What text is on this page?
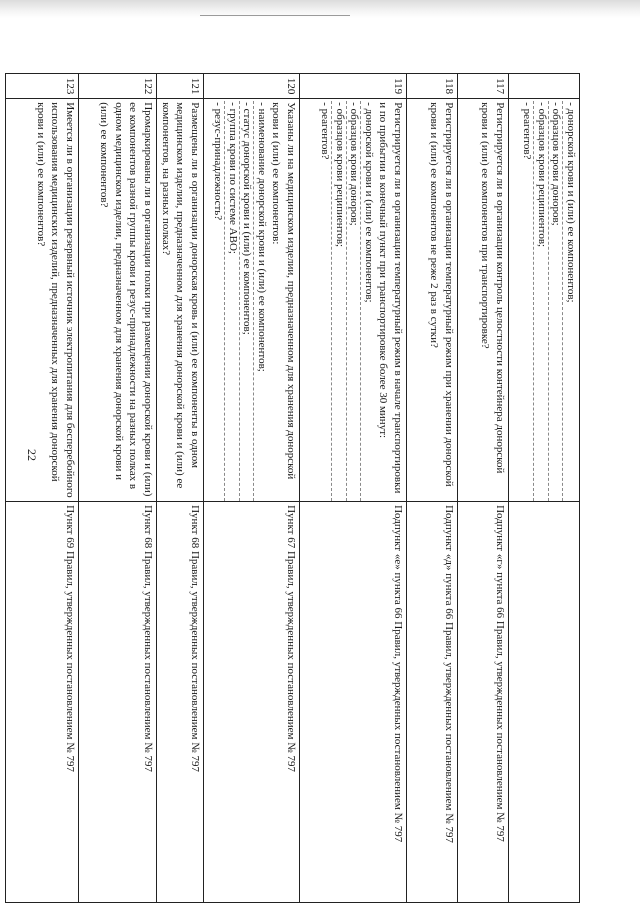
22

	- донорской крови и (или) ее компонентов;
- образцов крови доноров;
- образцов крови реципиентов;
- реагентов?	

117	Регистрируется ли в организации контроль целостности контейнера донорской крови и (или) ее компонентов при транспортировке?	Подпункт «г» пункта 66 Правил, утвержденных постановлением № 797
118	Регистрируется ли в организации температурный режим при хранении донорской крови и (или) ее компонентов не реже 2 раз в сутки?	Подпункт «д» пункта 66 Правил, утвержденных постановлением № 797
119	Регистрируется ли в организации температурный режим в начале транспортировки и по прибытии в конечный пункт при транспортировке более 30 минут:
- донорской крови и (или) ее компонентов;
- образцов крови доноров;
- образцов крови реципиентов;
- реагентов?	Подпункт «е» пункта 66 Правил, утвержденных постановлением № 797
120	Указаны ли на медицинском изделии, предназначенном для хранения донорской крови и (или) ее компонентов:
- наименование донорской крови и (или) ее компонентов;
- статус донорской крови и (или) ее компонентов;
- группа крови по системе АВО;
- резус-принадлежность?	Пункт 67 Правил, утвержденных постановлением № 797
121	Размещены ли в организации донорская кровь и (или) ее компоненты в одном медицинском изделии, предназначенном для хранения донорской крови и (или) ее компонентов, на разных полках?	Пункт 68 Правил, утвержденных постановлением № 797
122	Промаркированы ли в организации полки при размещении донорской крови и (или) ее компонентов разной группы крови и резус-принадлежности на разных полках в одном медицинском изделии, предназначенном для хранения донорской крови и (или) ее компонентов?	Пункт 68 Правил, утвержденных постановлением № 797
123	Имеется ли в организации резервный источник электропитания для бесперебойного использования медицинских изделий, предназначенных для хранения донорской крови и (или) ее компонентов?	Пункт 69 Правил, утвержденных постановлением № 797
